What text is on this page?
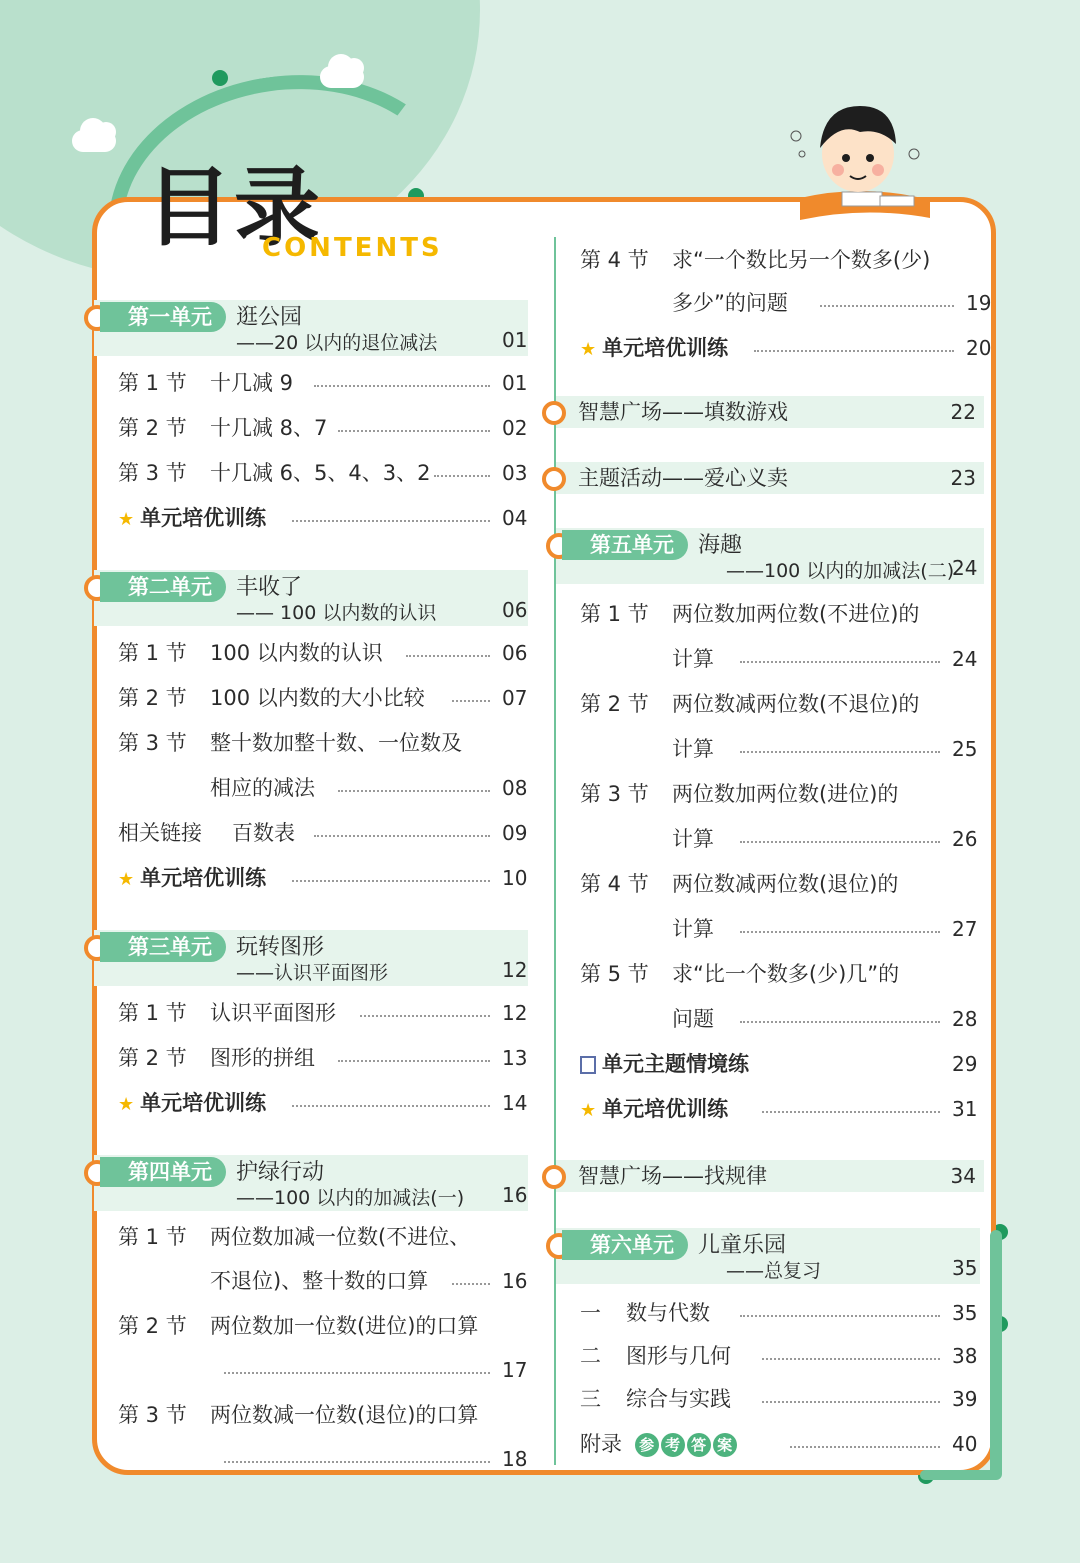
目录
CONTENTS
第一单元	逛公园
——20 以内的退位减法	01
第 1 节 十几减 9	01
第 2 节 十几减 8、7	02
第 3 节 十几减 6、5、4、3、2	03
★ 单元培优训练	04
第二单元	丰收了
—— 100 以内数的认识	06
第 1 节 100 以内数的认识	06
第 2 节 100 以内数的大小比较	07
第 3 节 整十数加整十数、一位数及
相应的减法	08
相关链接 百数表	09
★ 单元培优训练	10
第三单元	玩转图形
——认识平面图形	12
第 1 节 认识平面图形	12
第 2 节 图形的拼组	13
★ 单元培优训练	14
第四单元	护绿行动
——100 以内的加减法(一) 16
第 1 节 两位数加减一位数(不进位、
不退位)、整十数的口算	16
第 2 节 两位数加一位数(进位)的口算
17
第 3 节 两位数减一位数(退位)的口算
18
第 4 节 求“一个数比另一个数多(少)
多少”的问题	19
★ 单元培优训练	20
智慧广场——填数游戏	22
主题活动——爱心义卖	23
第五单元	海趣
——100 以内的加减法(二)
24
第 1 节 两位数加两位数(不进位)的
计算	24
第 2 节 两位数减两位数(不退位)的
计算	25
第 3 节 两位数加两位数(进位)的
计算	26
第 4 节 两位数减两位数(退位)的
计算	27
第 5 节 求“比一个数多(少)几”的
问题	28
单元主题情境练	29
★ 单元培优训练	31
智慧广场——找规律	34
第六单元	儿童乐园
——总复习	35
一 数与代数	35
二 图形与几何	38
三 综合与实践	39
附录 参 考 答 案	40
